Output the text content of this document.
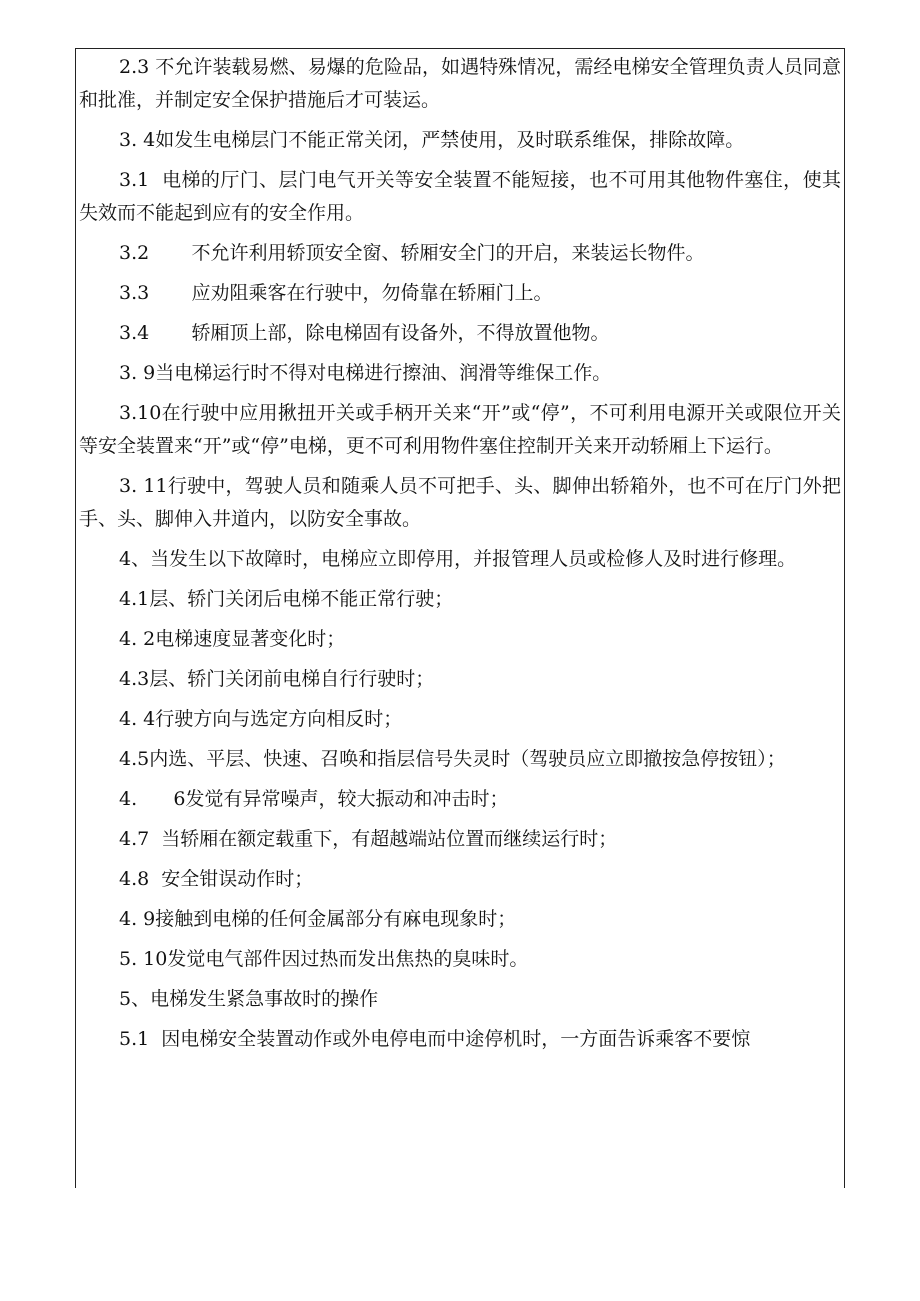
2.3 不允许装载易燃、易爆的危险品，如遇特殊情况，需经电梯安全管理负责人员同意和批准，并制定安全保护措施后才可装运。

3. 4如发生电梯层门不能正常关闭，严禁使用，及时联系维保，排除故障。

3.1  电梯的厅门、层门电气开关等安全装置不能短接，也不可用其他物件塞住，使其失效而不能起到应有的安全作用。

3.2       不允许利用轿顶安全窗、轿厢安全门的开启，来装运长物件。

3.3       应劝阻乘客在行驶中，勿倚靠在轿厢门上。

3.4       轿厢顶上部，除电梯固有设备外，不得放置他物。

3. 9当电梯运行时不得对电梯进行擦油、润滑等维保工作。

3.10在行驶中应用揪扭开关或手柄开关来“开”或“停”，不可利用电源开关或限位开关等安全装置来“开”或“停”电梯，更不可利用物件塞住控制开关来开动轿厢上下运行。

3. 11行驶中，驾驶人员和随乘人员不可把手、头、脚伸出轿箱外，也不可在厅门外把手、头、脚伸入井道内，以防安全事故。

4、当发生以下故障时，电梯应立即停用，并报管理人员或检修人及时进行修理。

4.1层、轿门关闭后电梯不能正常行驶；

4. 2电梯速度显著变化时；

4.3层、轿门关闭前电梯自行行驶时；

4. 4行驶方向与选定方向相反时；

4.5内选、平层、快速、召唤和指层信号失灵时（驾驶员应立即撤按急停按钮）；

4.      6发觉有异常噪声，较大振动和冲击时；

4.7  当轿厢在额定载重下，有超越端站位置而继续运行时；

4.8  安全钳误动作时；

4. 9接触到电梯的任何金属部分有麻电现象时；

5. 10发觉电气部件因过热而发出焦热的臭味时。

5、电梯发生紧急事故时的操作

5.1  因电梯安全装置动作或外电停电而中途停机时，一方面告诉乘客不要惊
